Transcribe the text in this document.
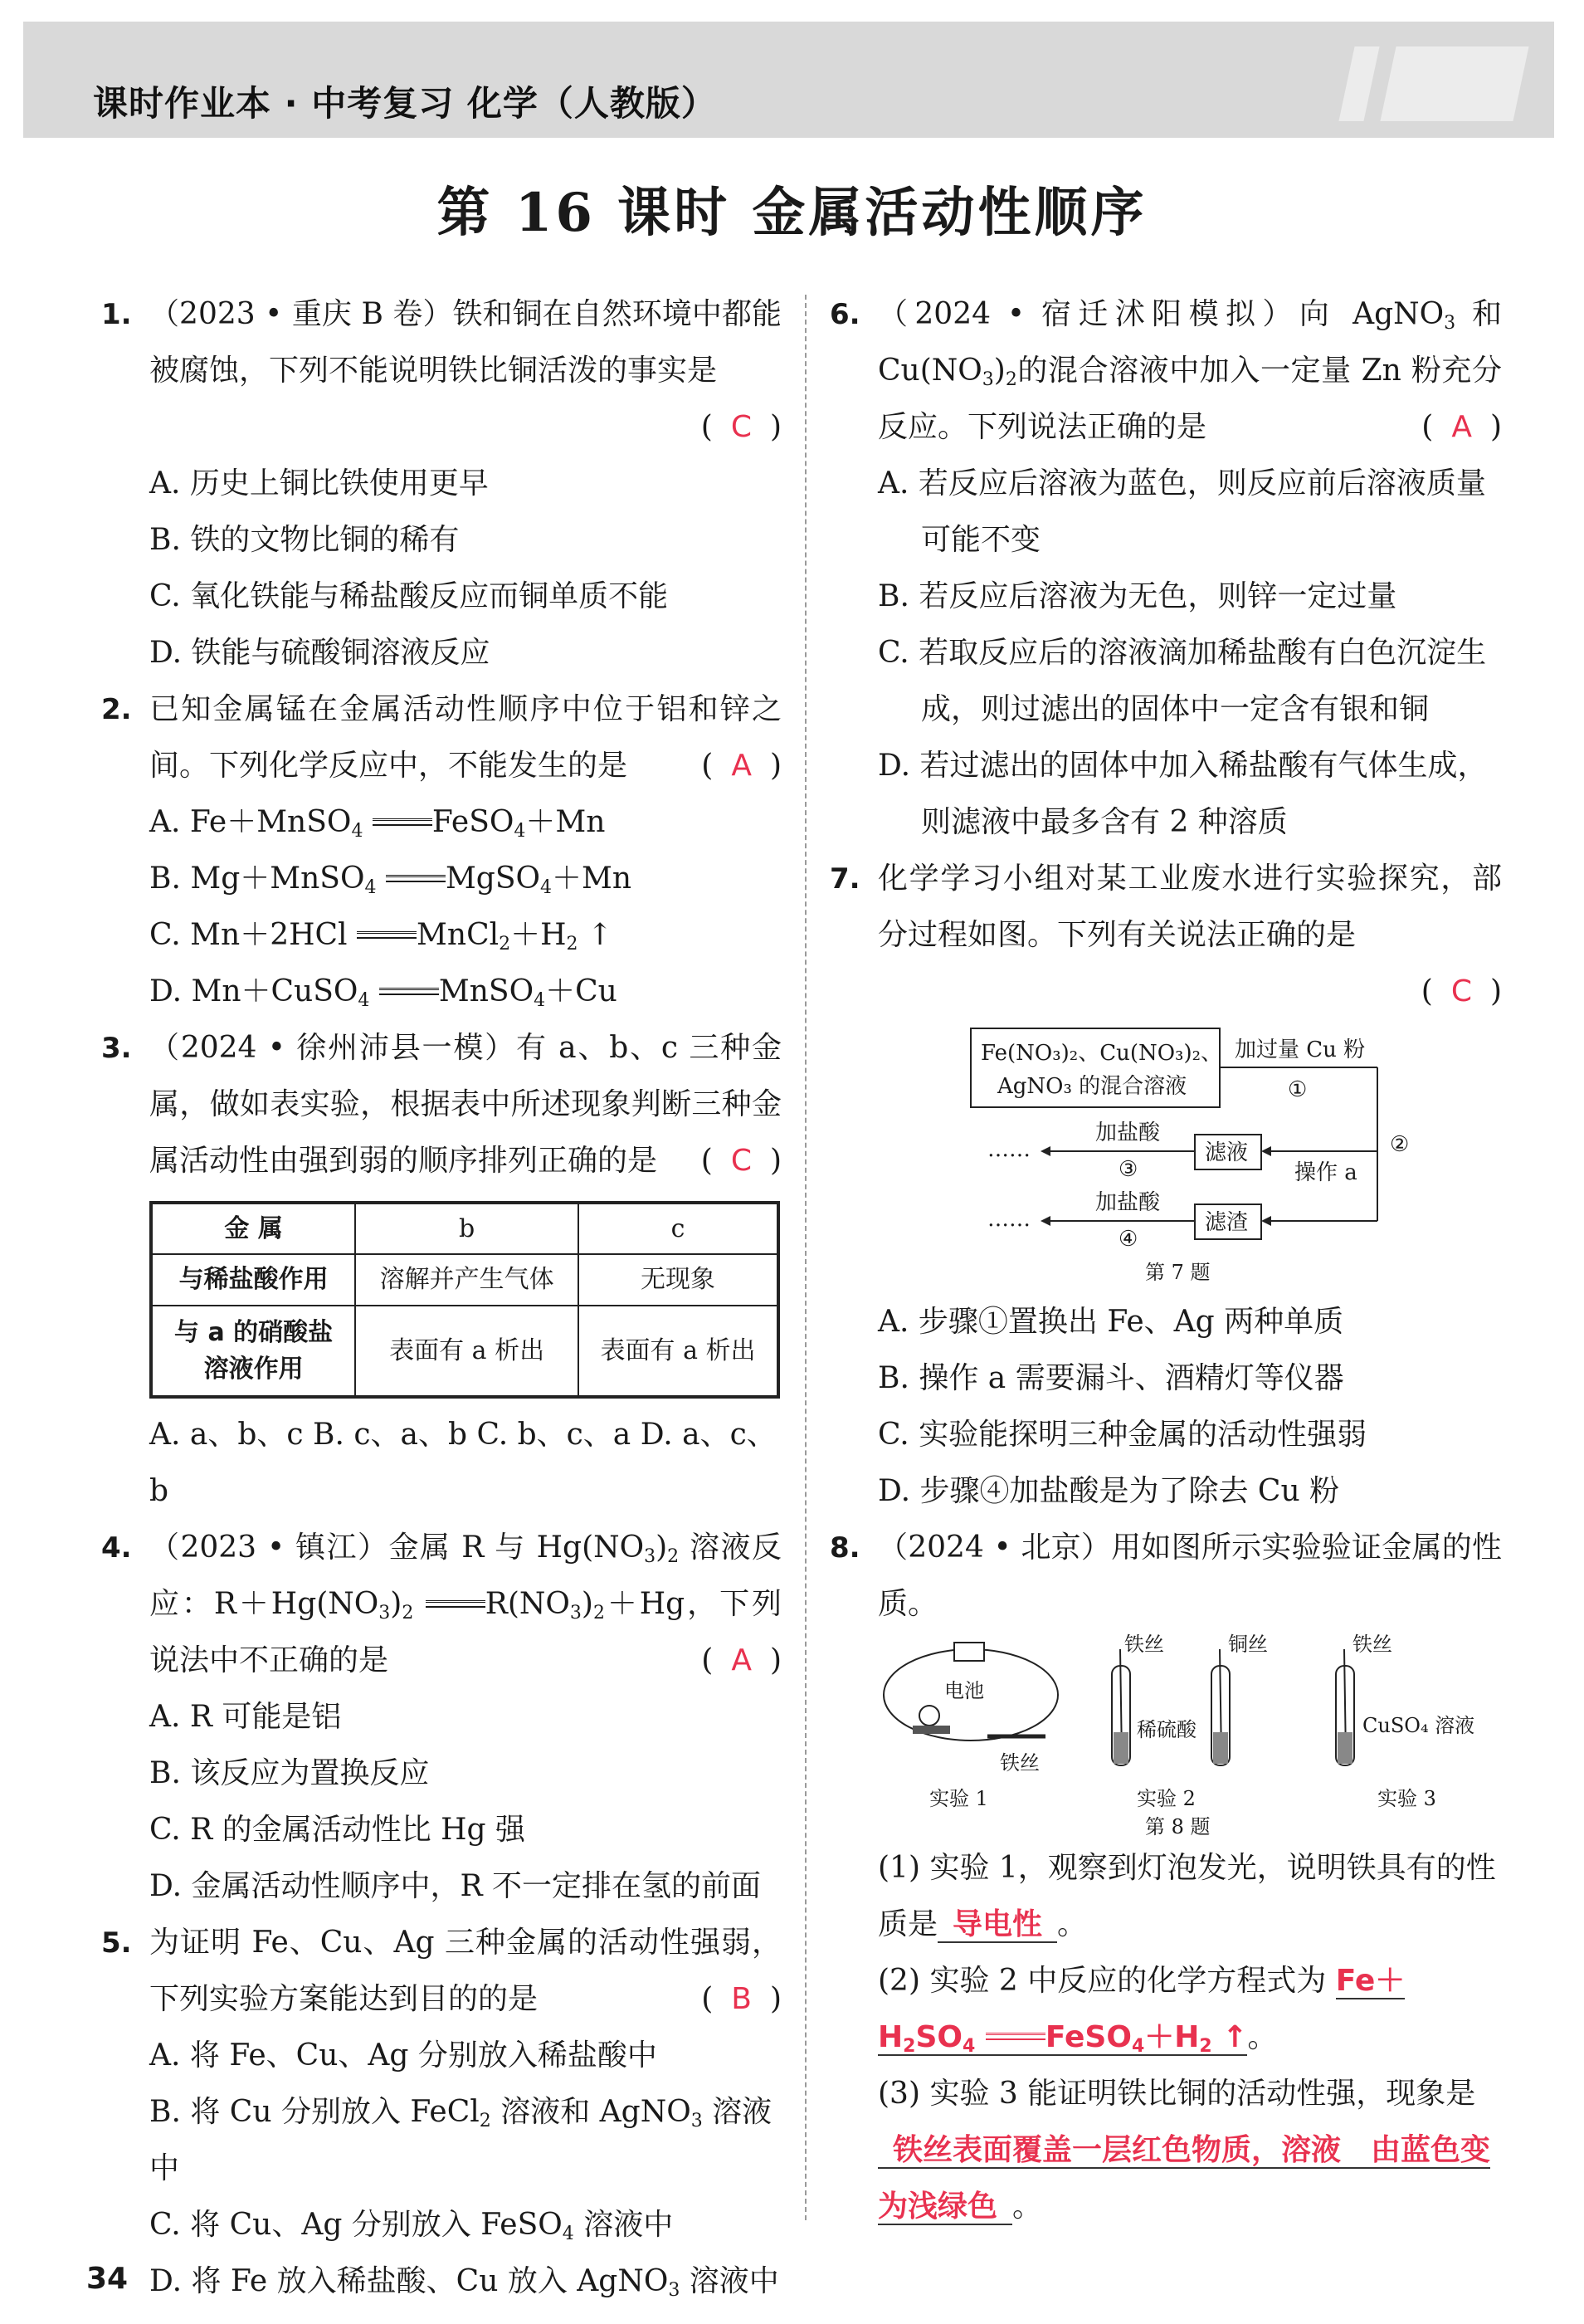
课时作业本 · 中考复习 化学（人教版）
第 16 课时 金属活动性顺序
1. （2023 • 重庆 B 卷）铁和铜在自然环境中都能被腐蚀，下列不能说明铁比铜活泼的事实是
( C )
A. 历史上铜比铁使用更早
B. 铁的文物比铜的稀有
C. 氧化铁能与稀盐酸反应而铜单质不能
D. 铁能与硫酸铜溶液反应
2. 已知金属锰在金属活动性顺序中位于铝和锌之间。下列化学反应中，不能发生的是 ( A )
A. Fe＋MnSO$_4$ FeSO$_4$＋Mn
B. Mg＋MnSO$_4$ MgSO$_4$＋Mn
C. Mn＋2HCl $MnCl_2+H_2$ ↑
D. Mn＋CuSO$_4$ MnSO$_4$＋Cu
3. （2024 • 徐州沛县一模）有 a、b、c 三种金属，做如表实验，根据表中所述现象判断三种金属活动性由强到弱的顺序排列正确的是 ( C )
金 属	b	c
与稀盐酸作用	溶解并产生气体	无现象

与 a 的硝酸盐
溶液作用	表面有 a 析出	表面有 a 析出
A. a、b、c B. c、a、b C. b、c、a D. a、c、b
4. （2023 • 镇江）金属 R 与 $Hg(NO_3)_2$ 溶液反应：$R+Hg(NO_3)_2$ $R(NO_3)_2+Hg$，下列说法中不正确的是	( A )
A. R 可能是铝
B. 该反应为置换反应
C. R 的金属活动性比 Hg 强
D. 金属活动性顺序中，R 不一定排在氢的前面
5. 为证明 Fe、Cu、Ag 三种金属的活动性强弱，下列实验方案能达到目的的是	( B )
A. 将 Fe、Cu、Ag 分别放入稀盐酸中
B. 将 Cu 分别放入 FeCl$_2$ 溶液和 AgNO$_3$ 溶液中
C. 将 Cu、Ag 分别放入 FeSO$_4$ 溶液中
D. 将 Fe 放入稀盐酸、Cu 放入 AgNO$_3$ 溶液中
6. （2024 • 宿迁沭阳模拟）向 AgNO$_3$ 和 $Cu(NO_3)_2$的混合溶液中加入一定量 Zn 粉充分反应。下列说法正确的是	( A )
A. 若反应后溶液为蓝色，则反应前后溶液质量可能不变
B. 若反应后溶液为无色，则锌一定过量
C. 若取反应后的溶液滴加稀盐酸有白色沉淀生成，则过滤出的固体中一定含有银和铜
D. 若过滤出的固体中加入稀盐酸有气体生成，则滤液中最多含有 2 种溶质
7. 化学学习小组对某工业废水进行实验探究，部分过程如图。下列有关说法正确的是
( C )
Fe(NO₃)₂、Cu(NO₃)₂、
AgNO₃ 的混合溶液
加过量 Cu 粉
①
②
操作 a
滤液
滤渣
加盐酸
③
加盐酸
④
……
……
第 7 题
A. 步骤①置换出 Fe、Ag 两种单质
B. 操作 a 需要漏斗、酒精灯等仪器
C. 实验能探明三种金属的活动性强弱
D. 步骤④加盐酸是为了除去 Cu 粉
8. （2024 • 北京）用如图所示实验验证金属的性质。
电池
铁丝
实验 1
铁丝	铜丝
稀硫酸
实验 2
铁丝
CuSO₄ 溶液
实验 3
第 8 题
(1) 实验 1，观察到灯泡发光，说明铁具有的性质是 导电性 。
(2) 实验 2 中反应的化学方程式为 Fe＋
$H_2SO_4$ $FeSO_4+H_2$ ↑。
(3) 实验 3 能证明铁比铜的活动性强，现象是铁丝表面覆盖一层红色物质，溶液 由蓝色变为浅绿色 。
34
